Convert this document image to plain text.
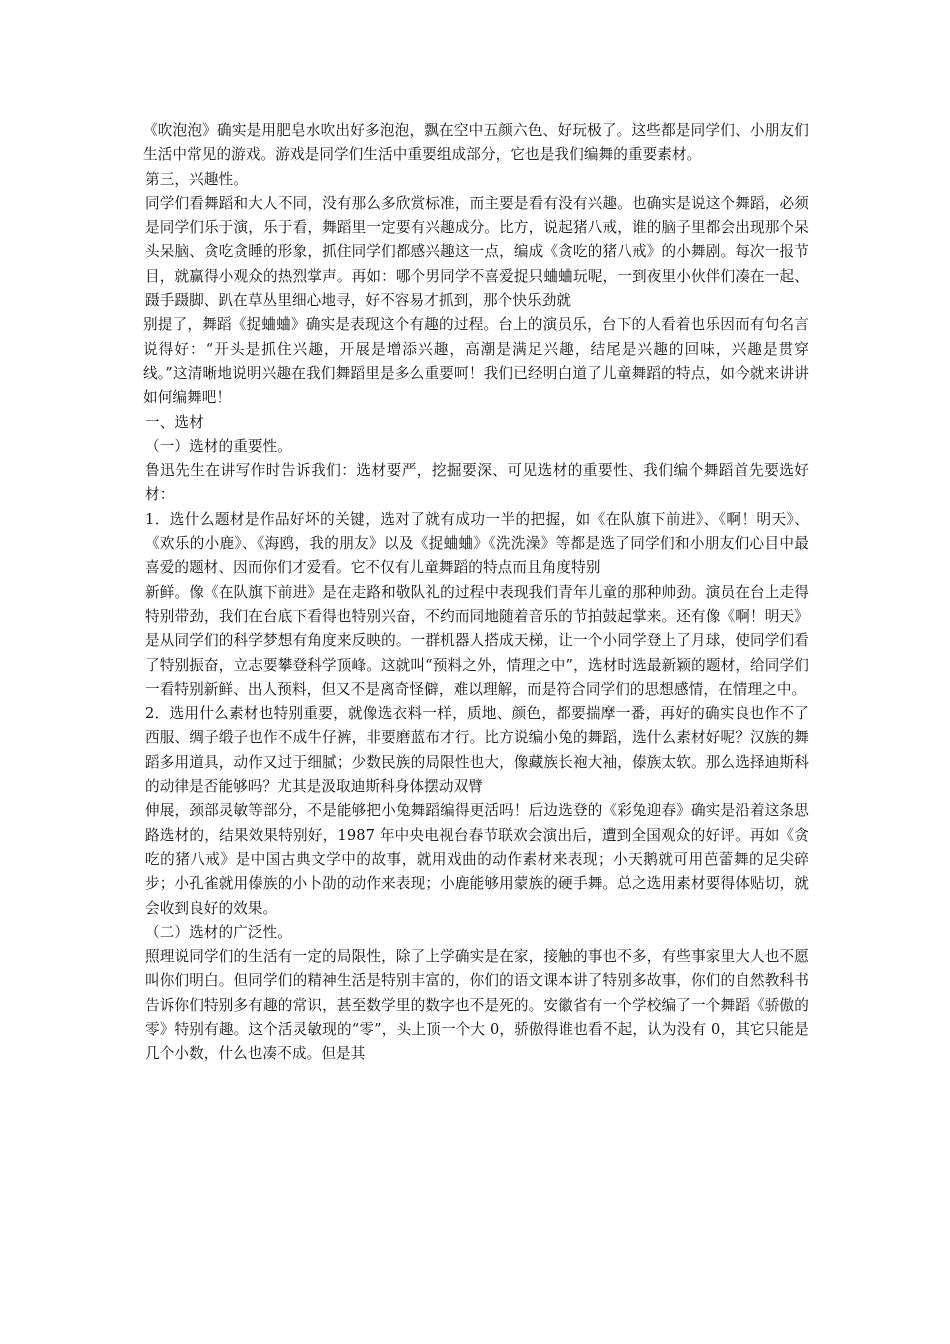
《吹泡泡》确实是用肥皂水吹出好多泡泡，飘在空中五颜六色、好玩极了。这些都是同学们、小朋友们生活中常见的游戏。游戏是同学们生活中重要组成部分，它也是我们编舞的重要素材。

第三，兴趣性。

同学们看舞蹈和大人不同，没有那么多欣赏标准，而主要是看有没有兴趣。也确实是说这个舞蹈，必须是同学们乐于演，乐于看，舞蹈里一定要有兴趣成分。比方，说起猪八戒，谁的脑子里都会出现那个呆头呆脑、贪吃贪睡的形象，抓住同学们都感兴趣这一点，编成《贪吃的猪八戒》的小舞剧。每次一报节目，就赢得小观众的热烈掌声。再如：哪个男同学不喜爱捉只蛐蛐玩呢，一到夜里小伙伴们凑在一起、蹑手蹑脚、趴在草丛里细心地寻，好不容易才抓到，那个快乐劲就

别提了，舞蹈《捉蛐蛐》确实是表现这个有趣的过程。台上的演员乐，台下的人看着也乐因而有句名言说得好：“开头是抓住兴趣，开展是增添兴趣，高潮是满足兴趣，结尾是兴趣的回味，兴趣是贯穿线。”这清晰地说明兴趣在我们舞蹈里是多么重要呵！我们已经明白道了儿童舞蹈的特点，如今就来讲讲如何编舞吧！

一、选材

（一）选材的重要性。

鲁迅先生在讲写作时告诉我们：选材要严，挖掘要深、可见选材的重要性、我们编个舞蹈首先要选好材：

1．选什么题材是作品好坏的关键，选对了就有成功一半的把握，如《在队旗下前进》、《啊！明天》、《欢乐的小鹿》、《海鸥，我的朋友》以及《捉蛐蛐》《洗洗澡》等都是选了同学们和小朋友们心目中最喜爱的题材、因而你们才爱看。它不仅有儿童舞蹈的特点而且角度特别

新鲜。像《在队旗下前进》是在走路和敬队礼的过程中表现我们青年儿童的那种帅劲。演员在台上走得特别带劲，我们在台底下看得也特别兴奋，不约而同地随着音乐的节拍鼓起掌来。还有像《啊！明天》是从同学们的科学梦想有角度来反映的。一群机器人搭成天梯，让一个小同学登上了月球，使同学们看了特别振奋，立志要攀登科学顶峰。这就叫“预料之外，情理之中”，选材时选最新颖的题材，给同学们一看特别新鲜、出人预料，但又不是离奇怪僻，难以理解，而是符合同学们的思想感情，在情理之中。

2．选用什么素材也特别重要，就像选衣料一样，质地、颜色，都要揣摩一番，再好的确实良也作不了西服、绸子缎子也作不成牛仔裤，非要磨蓝布才行。比方说编小兔的舞蹈，选什么素材好呢？汉族的舞蹈多用道具，动作又过于细腻；少数民族的局限性也大，像藏族长袍大袖，傣族太软。那么选择迪斯科的动律是否能够吗？尤其是汲取迪斯科身体摆动双臂

伸展，颈部灵敏等部分，不是能够把小兔舞蹈编得更活吗！后边选登的《彩兔迎春》确实是沿着这条思路选材的，结果效果特别好，1987 年中央电视台春节联欢会演出后，遭到全国观众的好评。再如《贪吃的猪八戒》是中国古典文学中的故事，就用戏曲的动作素材来表现；小天鹅就可用芭蕾舞的足尖碎步；小孔雀就用傣族的小卜劭的动作来表现；小鹿能够用蒙族的硬手舞。总之选用素材要得体贴切，就会收到良好的效果。

（二）选材的广泛性。

照理说同学们的生活有一定的局限性，除了上学确实是在家，接触的事也不多，有些事家里大人也不愿叫你们明白。但同学们的精神生活是特别丰富的，你们的语文课本讲了特别多故事，你们的自然教科书告诉你们特别多有趣的常识，甚至数学里的数字也不是死的。安徽省有一个学校编了一个舞蹈《骄傲的零》特别有趣。这个活灵敏现的“零”，头上顶一个大 0，骄傲得谁也看不起，认为没有 0，其它只能是几个小数，什么也凑不成。但是其
